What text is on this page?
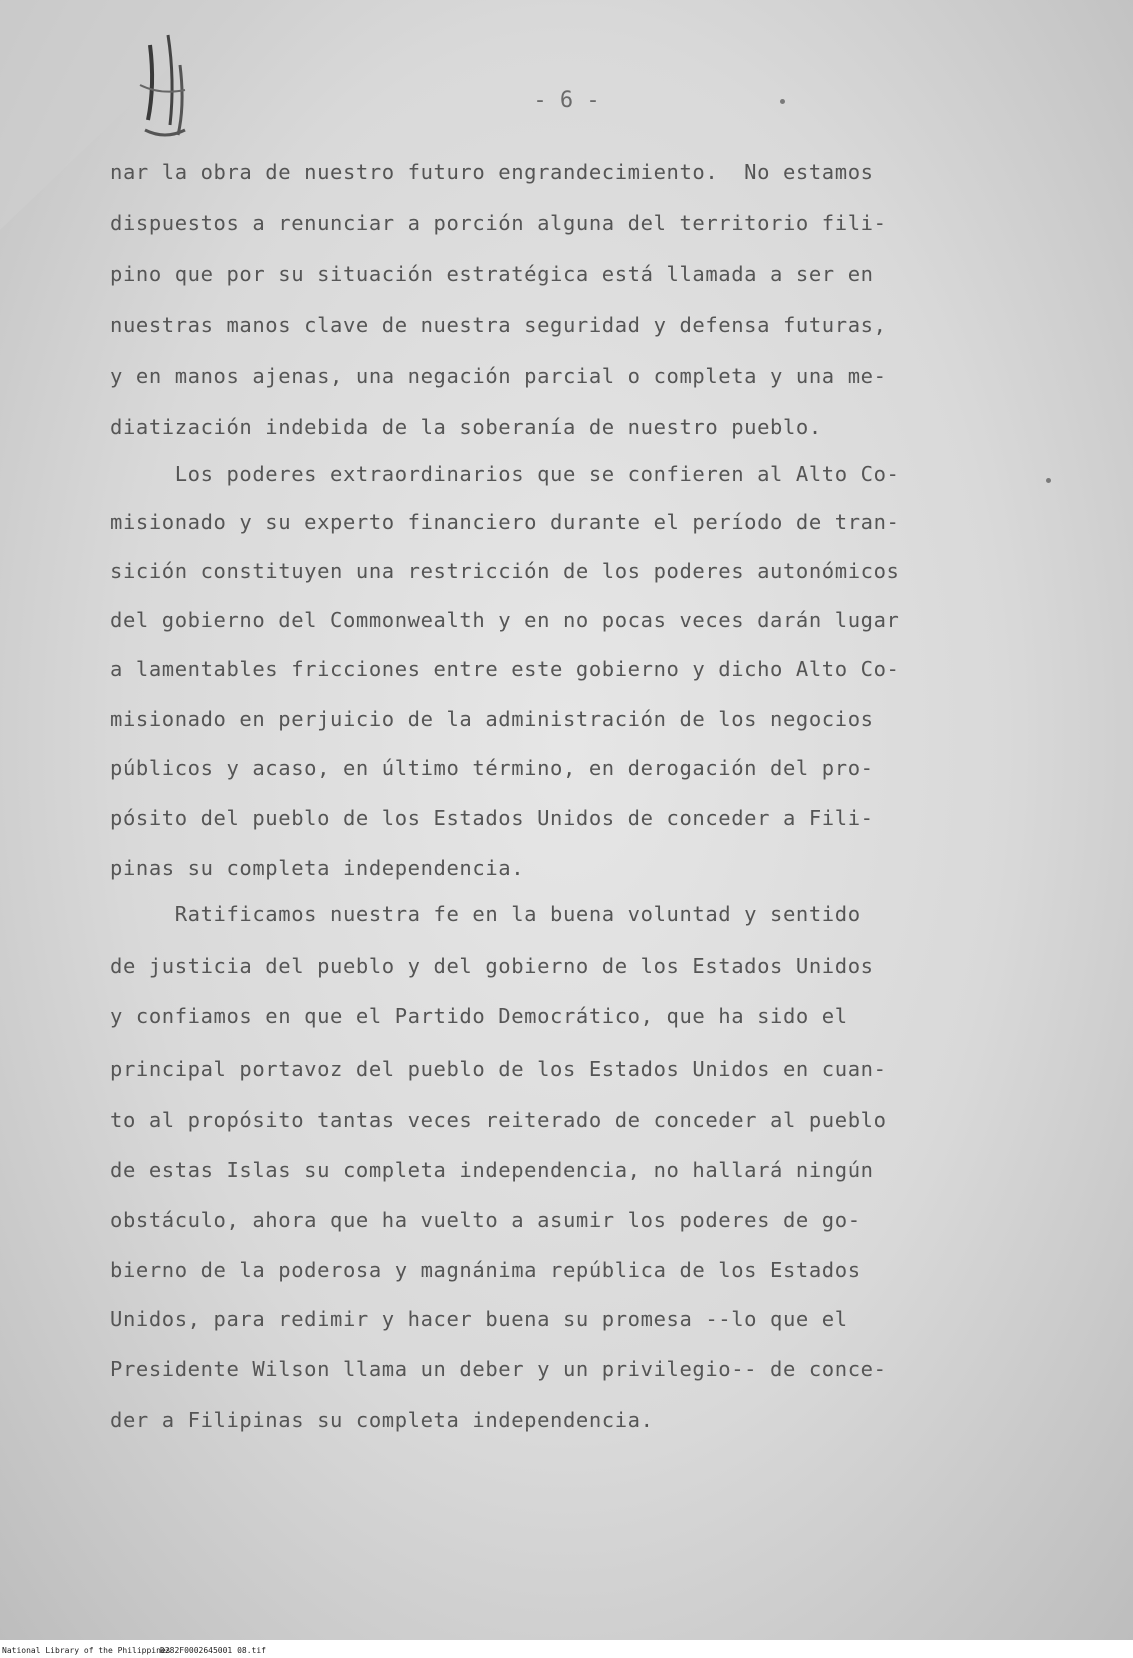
- 6 -
nar la obra de nuestro futuro engrandecimiento.  No estamos
dispuestos a renunciar a porción alguna del territorio fili-
pino que por su situación estratégica está llamada a ser en
nuestras manos clave de nuestra seguridad y defensa futuras,
y en manos ajenas, una negación parcial o completa y una me-
diatización indebida de la soberanía de nuestro pueblo.
Los poderes extraordinarios que se confieren al Alto Co-
misionado y su experto financiero durante el período de tran-
sición constituyen una restricción de los poderes autonómicos
del gobierno del Commonwealth y en no pocas veces darán lugar
a lamentables fricciones entre este gobierno y dicho Alto Co-
misionado en perjuicio de la administración de los negocios
públicos y acaso, en último término, en derogación del pro-
pósito del pueblo de los Estados Unidos de conceder a Fili-
pinas su completa independencia.
Ratificamos nuestra fe en la buena voluntad y sentido
de justicia del pueblo y del gobierno de los Estados Unidos
y confiamos en que el Partido Democrático, que ha sido el
principal portavoz del pueblo de los Estados Unidos en cuan-
to al propósito tantas veces reiterado de conceder al pueblo
de estas Islas su completa independencia, no hallará ningún
obstáculo, ahora que ha vuelto a asumir los poderes de go-
bierno de la poderosa y magnánima república de los Estados
Unidos, para redimir y hacer buena su promesa --lo que el
Presidente Wilson llama un deber y un privilegio-- de conce-
der a Filipinas su completa independencia.
National Library of the Philippines
D282F0002645001 08.tif
